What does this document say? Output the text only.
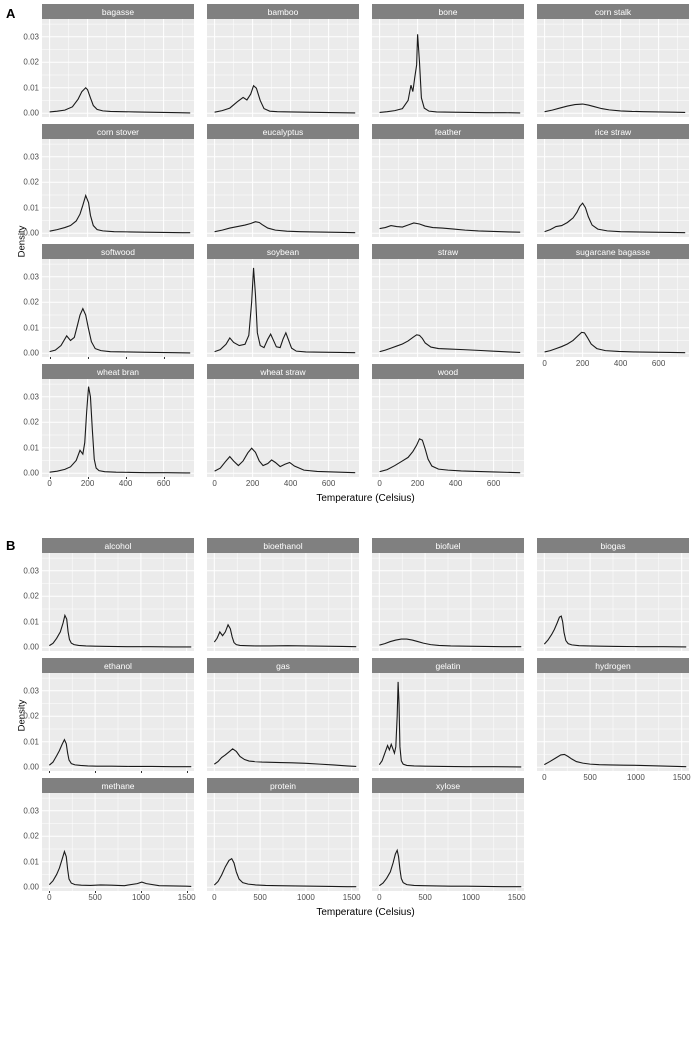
A
B
Density
Density
Temperature (Celsius)
Temperature (Celsius)
bagasse
0.00
0.01
0.02
0.03
bamboo	bone	corn stalk
corn stover
0.00
0.01
0.02
0.03
eucalyptus	feather	rice straw
softwood
0.00
0.01
0.02
0.03
soybean	straw	sugarcane bagasse
0	200	400	600
wheat bran
0.00
0.01
0.02
0.03
0	200	400	600
wheat straw
0	200	400	600
wood
0	200	400	600
alcohol
0.00
0.01
0.02
0.03
bioethanol	biofuel	biogas
ethanol
0.00
0.01
0.02
0.03
gas	gelatin	hydrogen
0	500	1000	1500
methane
0.00
0.01
0.02
0.03
0	500	1000	1500
protein
0	500	1000	1500
xylose
0	500	1000	1500
